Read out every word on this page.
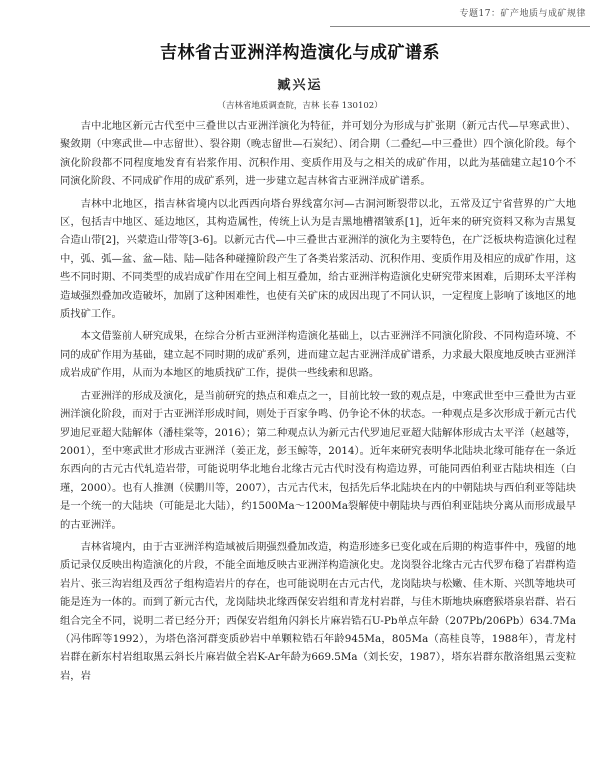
专题17：矿产地质与成矿规律
吉林省古亚洲洋构造演化与成矿谱系
臧兴运
（吉林省地质调查院，吉林 长春 130102）

吉中北地区新元古代至中三叠世以古亚洲洋演化为特征，并可划分为形成与扩张期（新元古代—早寒武世）、聚敛期（中寒武世—中志留世）、裂谷期（晚志留世—石炭纪）、闭合期（二叠纪—中三叠世）四个演化阶段。每个演化阶段都不同程度地发育有岩浆作用、沉积作用、变质作用及与之相关的成矿作用，以此为基础建立起10个不同演化阶段、不同成矿作用的成矿系列，进一步建立起吉林省古亚洲洋成矿谱系。

吉林中北地区，指吉林省境内以北西西向塔台界线富尔河—古洞河断裂带以北，五常及辽宁省营界的广大地区，包括吉中地区、延边地区，其构造属性，传统上认为是吉黑地槽褶皱系[1]，近年来的研究资料又称为吉黑复合造山带[2]，兴蒙造山带等[3-6]。以新元古代—中三叠世古亚洲洋的演化为主要特色，在广泛板块构造演化过程中，弧、弧—盆、盆—陆、陆—陆各种碰撞阶段产生了各类岩浆活动、沉积作用、变质作用及相应的成矿作用，这些不同时期、不同类型的成岩成矿作用在空间上相互叠加，给古亚洲洋构造演化史研究带来困难，后期环太平洋构造域强烈叠加改造破坏，加剧了这种困难性，也使有关矿床的成因出现了不同认识，一定程度上影响了该地区的地质找矿工作。

本文借鉴前人研究成果，在综合分析古亚洲洋构造演化基础上，以古亚洲洋不同演化阶段、不同构造环境、不同的成矿作用为基础，建立起不同时期的成矿系列，进而建立起古亚洲洋成矿谱系，力求最大限度地反映古亚洲洋成岩成矿作用，从而为本地区的地质找矿工作，提供一些线索和思路。

古亚洲洋的形成及演化，是当前研究的热点和难点之一，目前比较一致的观点是，中寒武世至中三叠世为古亚洲洋演化阶段，而对于古亚洲洋形成时间，则处于百家争鸣、仍争论不休的状态。一种观点是多次形成于新元古代罗迪尼亚超大陆解体（潘桂棠等，2016）；第二种观点认为新元古代罗迪尼亚超大陆解体形成古太平洋（赵越等，2001），至中寒武世才形成古亚洲洋（姜正龙，彭玉鲸等，2014）。近年来研究表明华北陆块北缘可能存在一条近东西向的古元古代轧造岩带，可能说明华北地台北缘古元古代时没有构造边界，可能同西伯利亚古陆块相连（白瑾，2000）。也有人推测（侯鹏川等，2007），古元古代末，包括先后华北陆块在内的中朝陆块与西伯利亚等陆块是一个统一的大陆块（可能是北大陆），约1500Ma～1200Ma裂解使中朝陆块与西伯利亚陆块分离从而形成最早的古亚洲洋。

吉林省境内，由于古亚洲洋构造域被后期强烈叠加改造，构造形迹多已变化或在后期的构造事件中，残留的地质记录仅反映出构造演化的片段，不能全面地反映古亚洲洋构造演化史。龙岗裂谷北缘古元古代罗布稳了岩群构造岩片、张三沟岩组及西岔子组构造岩片的存在，也可能说明在古元古代，龙岗陆块与松嫩、佳木斯、兴凯等地块可能是连为一体的。而到了新元古代，龙岗陆块北缘西保安岩组和青龙村岩群，与佳木斯地块麻磨猴塔泉岩群、岩石组合完全不同，说明二者已经分开；西保安岩组角闪斜长片麻岩锆石U-Pb单点年龄（207Pb/206Pb）634.7Ma（冯伟晖等1992），为塔色洛河群变质砂岩中单颗粒锆石年龄945Ma，805Ma（高桂良等，1988年），青龙村岩群在新东村岩组取黑云斜长片麻岩做全岩K-Ar年龄为669.5Ma（刘长安，1987），塔东岩群东散洛组黑云变粒岩，岩
